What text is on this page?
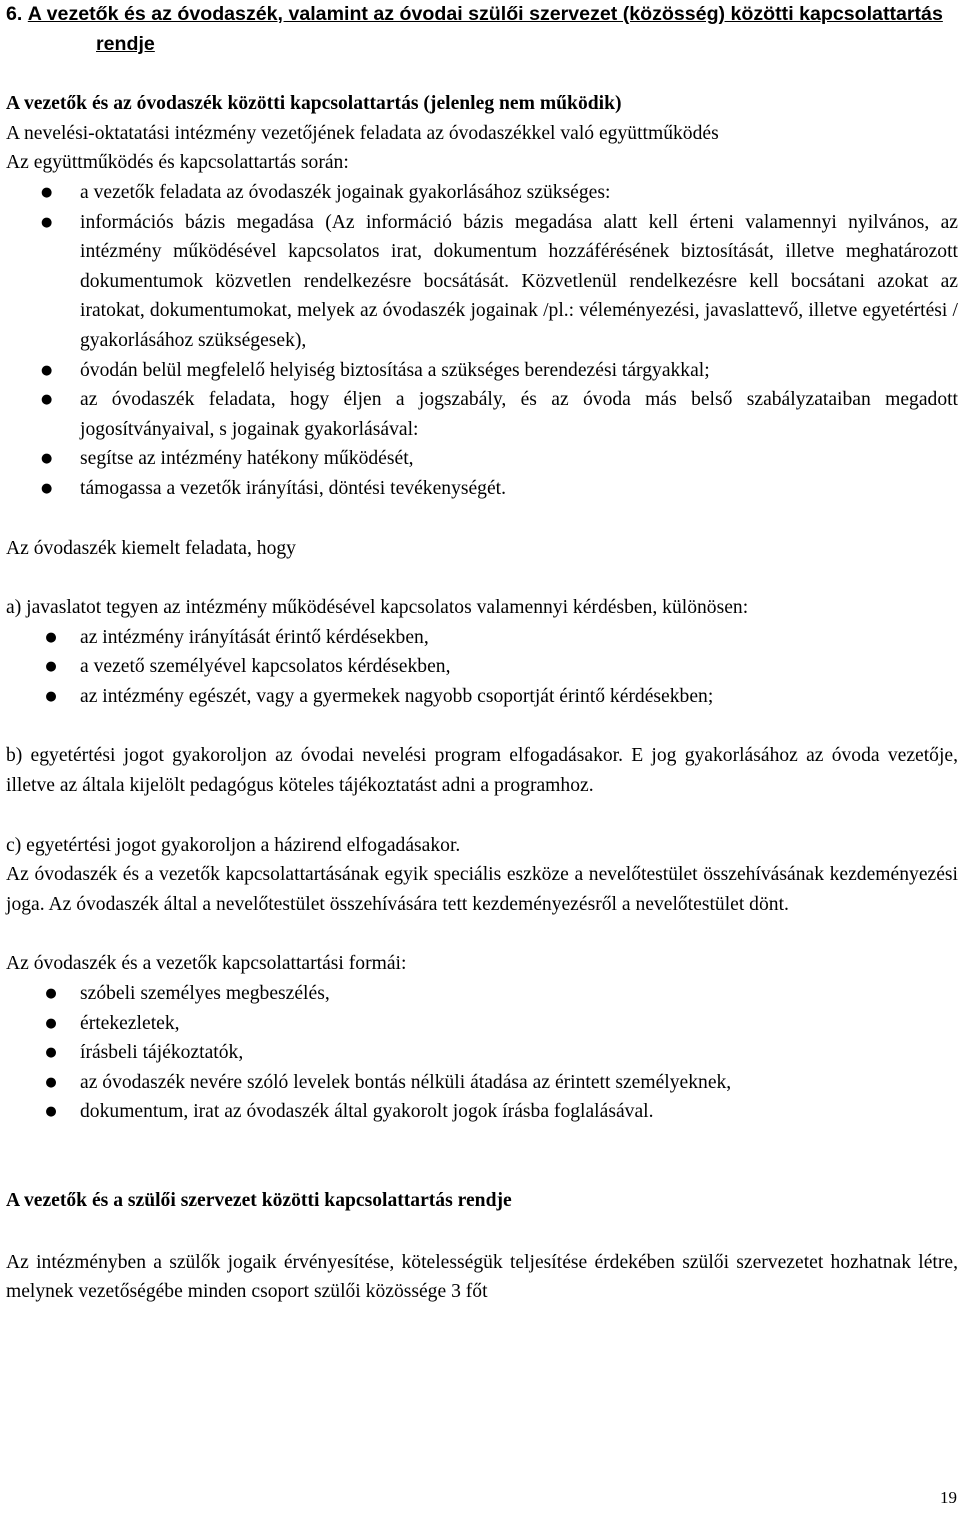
6. A vezetők és az óvodaszék, valamint az óvodai szülői szervezet (közösség) közötti kapcsolattartás rendje

A vezetők és az óvodaszék közötti kapcsolattartás (jelenleg nem működik)

A nevelési-oktatatási intézmény vezetőjének feladata az óvodaszékkel való együttműködés

Az együttműködés és kapcsolattartás során:

●	a vezetők feladata az óvodaszék jogainak gyakorlásához szükséges:
●	információs bázis megadása (Az információ bázis megadása alatt kell érteni valamennyi nyilvános, az intézmény működésével kapcsolatos irat, dokumentum hozzáférésének biztosítását, illetve meghatározott dokumentumok közvetlen rendelkezésre bocsátását. Közvetlenül rendelkezésre kell bocsátani azokat az iratokat, dokumentumokat, melyek az óvodaszék jogainak /pl.: véleményezési, javaslattevő, illetve egyetértési / gyakorlásához szükségesek),
●	óvodán belül megfelelő helyiség biztosítása a szükséges berendezési tárgyakkal;
●	az óvodaszék feladata, hogy éljen a jogszabály, és az óvoda más belső szabályzataiban megadott jogosítványaival, s jogainak gyakorlásával:
●	segítse az intézmény hatékony működését,
●	támogassa a vezetők irányítási, döntési tevékenységét.

Az óvodaszék kiemelt feladata, hogy

a) javaslatot tegyen az intézmény működésével kapcsolatos valamennyi kérdésben, különösen:

● az intézmény irányítását érintő kérdésekben,
● a vezető személyével kapcsolatos kérdésekben,
● az intézmény egészét, vagy a gyermekek nagyobb csoportját érintő kérdésekben;

b) egyetértési jogot gyakoroljon az óvodai nevelési program elfogadásakor. E jog gyakorlásához az óvoda vezetője, illetve az általa kijelölt pedagógus köteles tájékoztatást adni a programhoz.

c) egyetértési jogot gyakoroljon a házirend elfogadásakor.

Az óvodaszék és a vezetők kapcsolattartásának egyik speciális eszköze a nevelőtestület összehívásának kezdeményezési joga. Az óvodaszék által a nevelőtestület összehívására tett kezdeményezésről a nevelőtestület dönt.

Az óvodaszék és a vezetők kapcsolattartási formái:

● szóbeli személyes megbeszélés,
● értekezletek,
● írásbeli tájékoztatók,
● az óvodaszék nevére szóló levelek bontás nélküli átadása az érintett személyeknek,
● dokumentum, irat az óvodaszék által gyakorolt jogok írásba foglalásával.

A vezetők és a szülői szervezet közötti kapcsolattartás rendje

Az intézményben a szülők jogaik érvényesítése, kötelességük teljesítése érdekében szülői szervezetet hozhatnak létre, melynek vezetőségébe minden csoport szülői közössége 3 főt

19
